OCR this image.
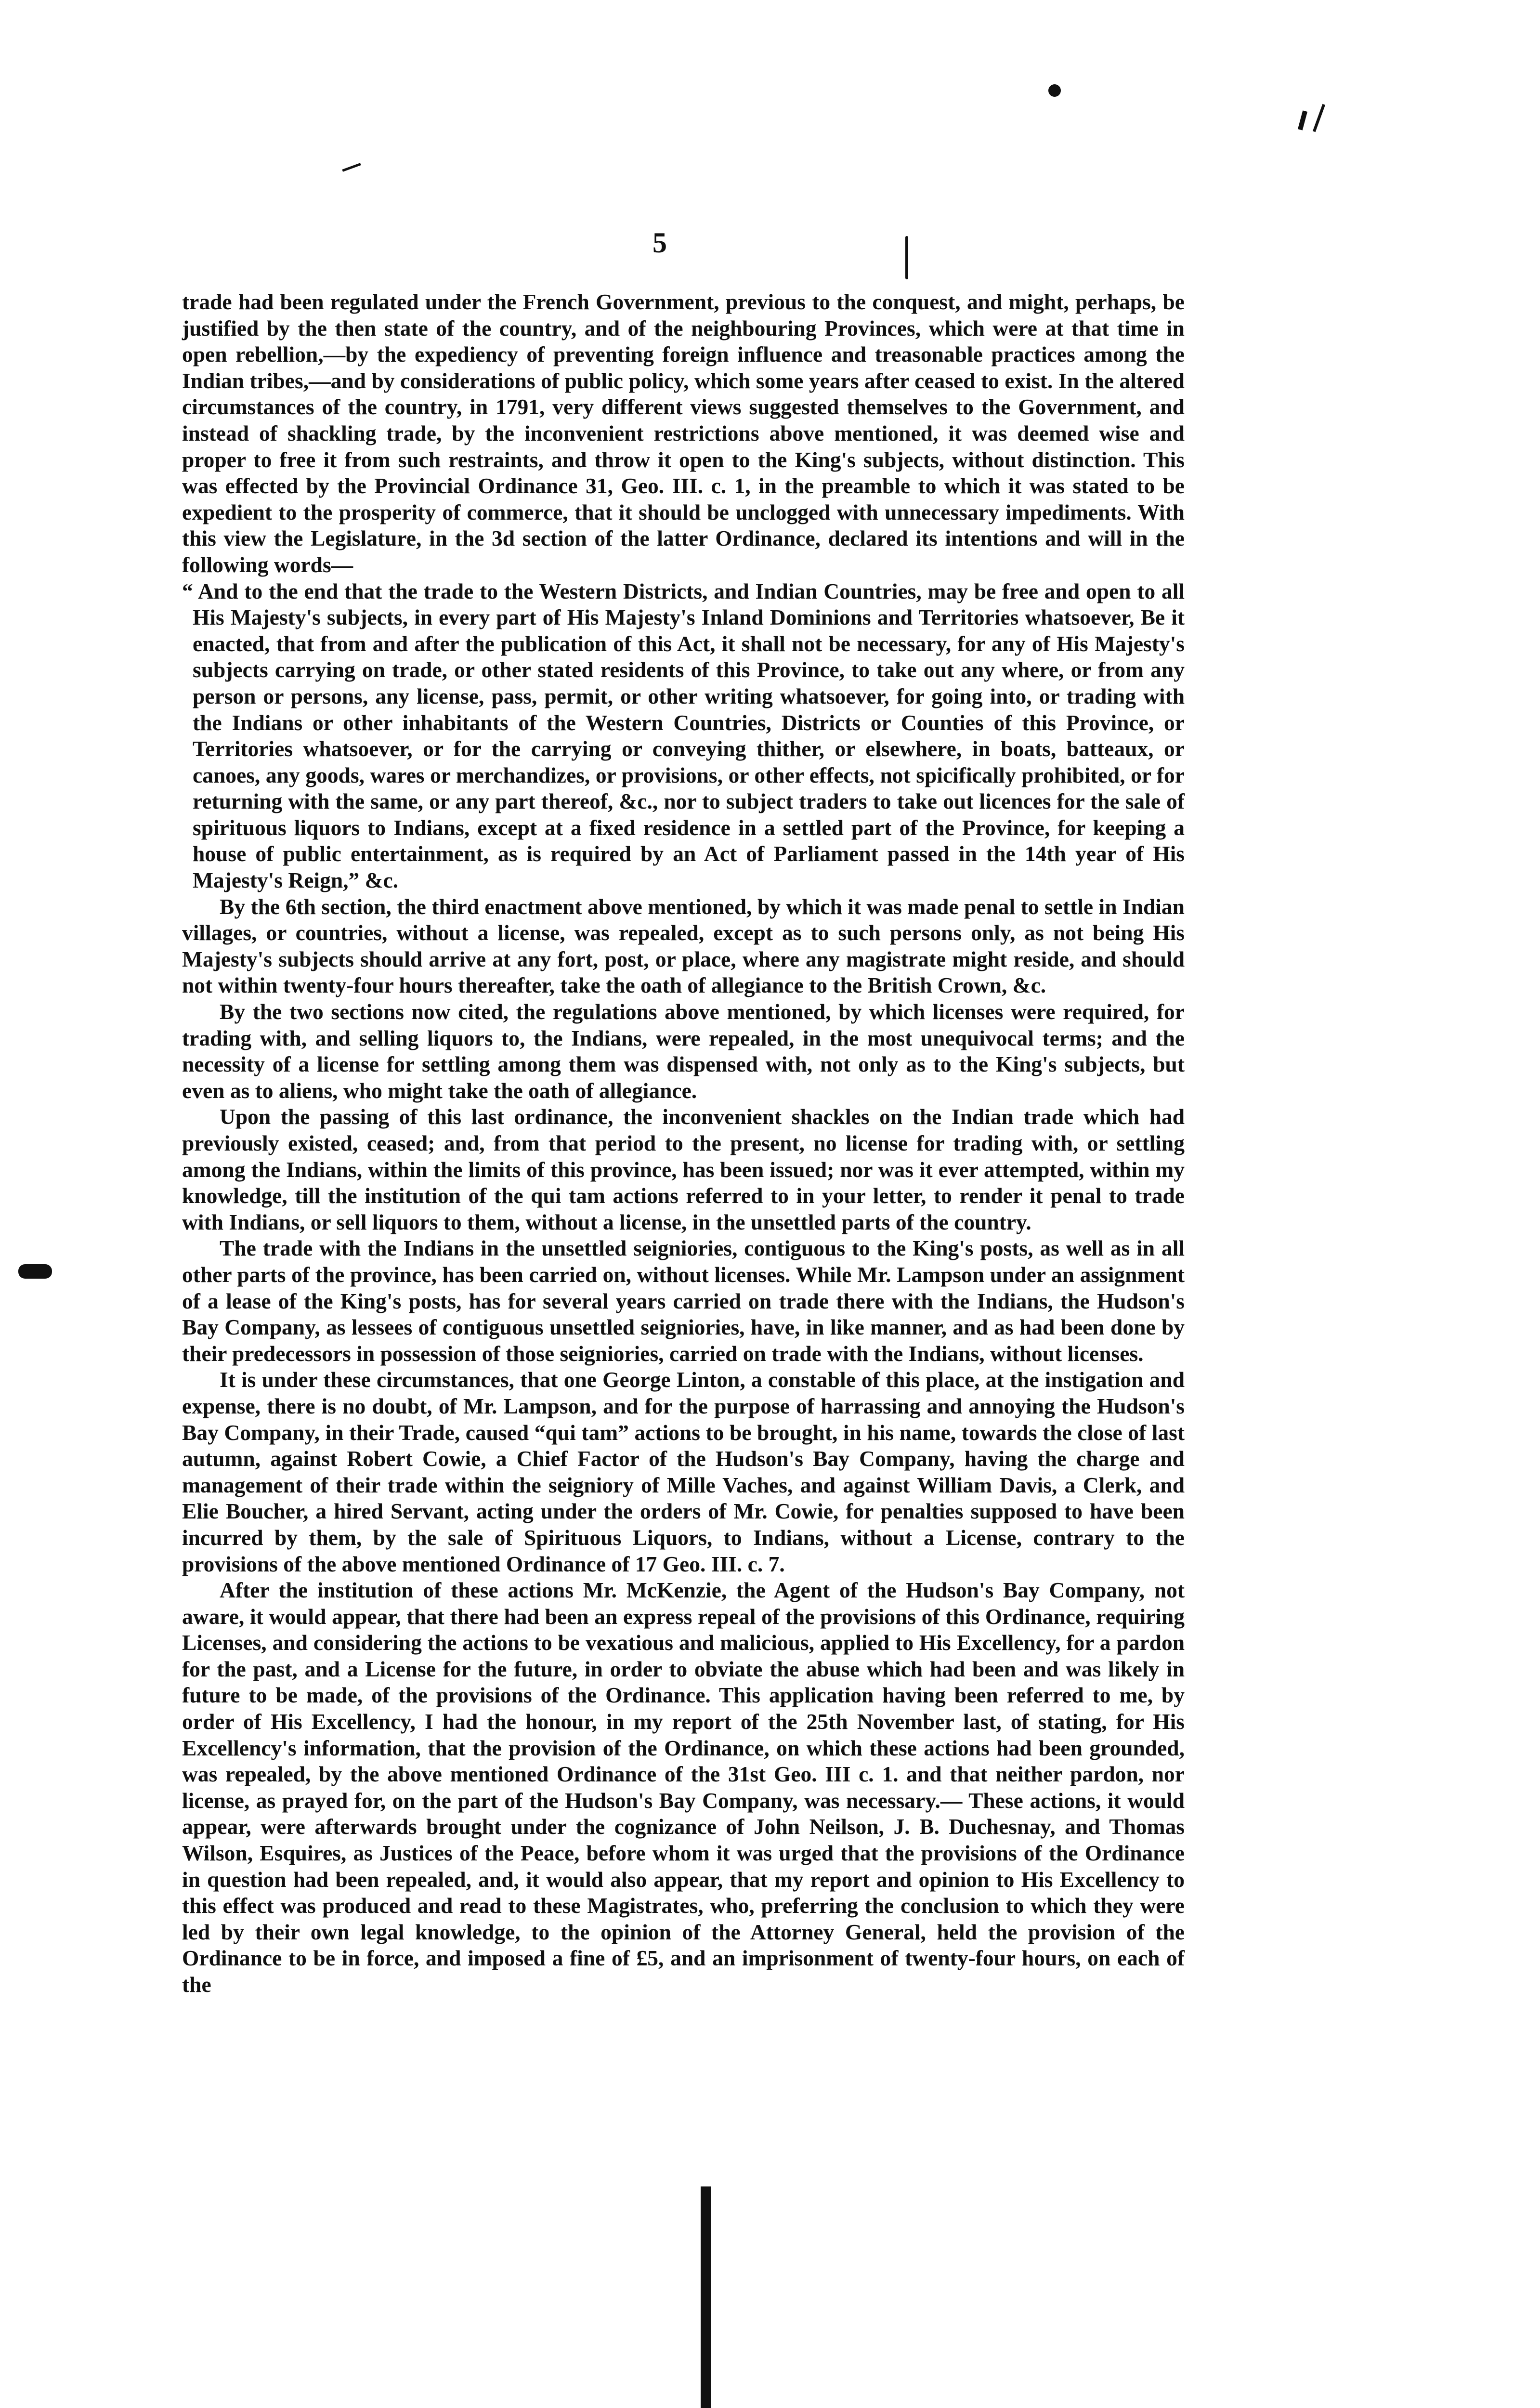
5

trade had been regulated under the French Government, previous to the conquest, and might, perhaps, be justified by the then state of the country, and of the neighbouring Provinces, which were at that time in open rebellion,—by the expediency of preventing foreign influence and treasonable practices among the Indian tribes,—and by considerations of public policy, which some years after ceased to exist. In the altered circumstances of the country, in 1791, very different views suggested themselves to the Government, and instead of shackling trade, by the inconvenient restrictions above mentioned, it was deemed wise and proper to free it from such restraints, and throw it open to the King's subjects, without distinction. This was effected by the Provincial Ordinance 31, Geo. III. c. 1, in the preamble to which it was stated to be expedient to the prosperity of commerce, that it should be unclogged with unnecessary impediments. With this view the Legislature, in the 3d section of the latter Ordinance, declared its intentions and will in the following words—

“ And to the end that the trade to the Western Districts, and Indian Countries, may be free and open to all His Majesty's subjects, in every part of His Majesty's Inland Dominions and Territories whatsoever, Be it enacted, that from and after the publication of this Act, it shall not be necessary, for any of His Majesty's subjects carrying on trade, or other stated residents of this Province, to take out any where, or from any person or persons, any license, pass, permit, or other writing whatsoever, for going into, or trading with the Indians or other inhabitants of the Western Countries, Districts or Counties of this Province, or Territories whatsoever, or for the carrying or conveying thither, or elsewhere, in boats, batteaux, or canoes, any goods, wares or merchandizes, or provisions, or other effects, not spicifically prohibited, or for returning with the same, or any part thereof, &c., nor to subject traders to take out licences for the sale of spirituous liquors to Indians, except at a fixed residence in a settled part of the Province, for keeping a house of public entertainment, as is required by an Act of Parliament passed in the 14th year of His Majesty's Reign,” &c.

By the 6th section, the third enactment above mentioned, by which it was made penal to settle in Indian villages, or countries, without a license, was repealed, except as to such persons only, as not being His Majesty's subjects should arrive at any fort, post, or place, where any magistrate might reside, and should not within twenty-four hours thereafter, take the oath of allegiance to the British Crown, &c.

By the two sections now cited, the regulations above mentioned, by which licenses were required, for trading with, and selling liquors to, the Indians, were repealed, in the most unequivocal terms; and the necessity of a license for settling among them was dispensed with, not only as to the King's subjects, but even as to aliens, who might take the oath of allegiance.

Upon the passing of this last ordinance, the inconvenient shackles on the Indian trade which had previously existed, ceased; and, from that period to the present, no license for trading with, or settling among the Indians, within the limits of this province, has been issued; nor was it ever attempted, within my knowledge, till the institution of the qui tam actions referred to in your letter, to render it penal to trade with Indians, or sell liquors to them, without a license, in the unsettled parts of the country.

The trade with the Indians in the unsettled seigniories, contiguous to the King's posts, as well as in all other parts of the province, has been carried on, without licenses. While Mr. Lampson under an assignment of a lease of the King's posts, has for several years carried on trade there with the Indians, the Hudson's Bay Company, as lessees of contiguous unsettled seigniories, have, in like manner, and as had been done by their predecessors in possession of those seigniories, carried on trade with the Indians, without licenses.

It is under these circumstances, that one George Linton, a constable of this place, at the instigation and expense, there is no doubt, of Mr. Lampson, and for the purpose of harrassing and annoying the Hudson's Bay Company, in their Trade, caused “qui tam” actions to be brought, in his name, towards the close of last autumn, against Robert Cowie, a Chief Factor of the Hudson's Bay Company, having the charge and management of their trade within the seigniory of Mille Vaches, and against William Davis, a Clerk, and Elie Boucher, a hired Servant, acting under the orders of Mr. Cowie, for penalties supposed to have been incurred by them, by the sale of Spirituous Liquors, to Indians, without a License, contrary to the provisions of the above mentioned Ordinance of 17 Geo. III. c. 7.

After the institution of these actions Mr. McKenzie, the Agent of the Hudson's Bay Company, not aware, it would appear, that there had been an express repeal of the provisions of this Ordinance, requiring Licenses, and considering the actions to be vexatious and malicious, applied to His Excellency, for a pardon for the past, and a License for the future, in order to obviate the abuse which had been and was likely in future to be made, of the provisions of the Ordinance. This application having been referred to me, by order of His Excellency, I had the honour, in my report of the 25th November last, of stating, for His Excellency's information, that the provision of the Ordinance, on which these actions had been grounded, was repealed, by the above mentioned Ordinance of the 31st Geo. III c. 1. and that neither pardon, nor license, as prayed for, on the part of the Hudson's Bay Company, was necessary.— These actions, it would appear, were afterwards brought under the cognizance of John Neilson, J. B. Duchesnay, and Thomas Wilson, Esquires, as Justices of the Peace, before whom it was urged that the provisions of the Ordinance in question had been repealed, and, it would also appear, that my report and opinion to His Excellency to this effect was produced and read to these Magistrates, who, preferring the conclusion to which they were led by their own legal knowledge, to the opinion of the Attorney General, held the provision of the Ordinance to be in force, and imposed a fine of £5, and an imprisonment of twenty-four hours, on each of the
